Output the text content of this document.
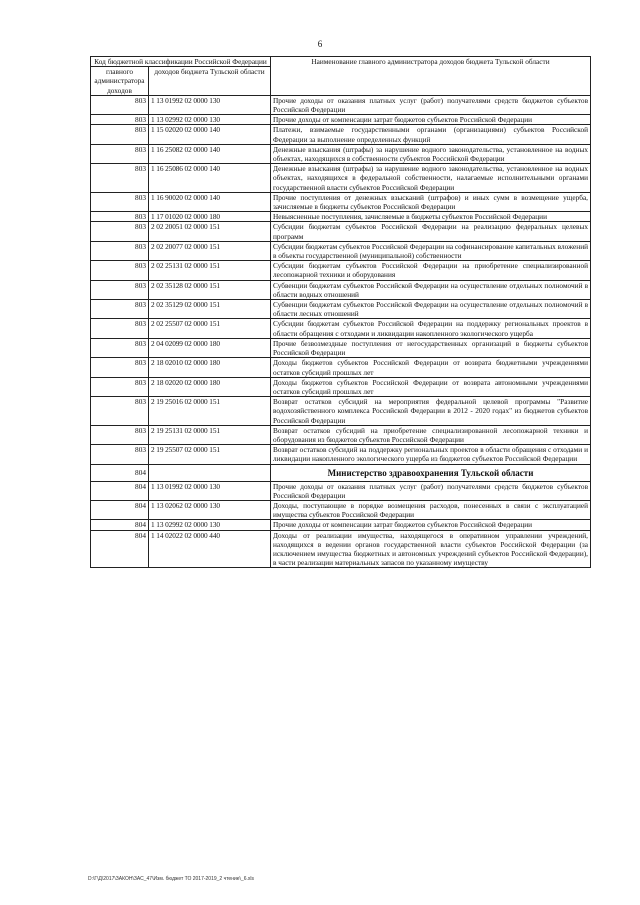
6
Код бюджетной классификации Российской Федерации		Наименование главного администратора доходов бюджета Тульской области
главного администратора доходов	доходов бюджета Тульской области	
803	1 13 01992 02 0000 130	Прочие доходы от оказания платных услуг (работ) получателями средств бюджетов субъектов Российской Федерации
803	1 13 02992 02 0000 130	Прочие доходы от компенсации затрат бюджетов субъектов Российской Федерации
803	1 15 02020 02 0000 140	Платежи, взимаемые государственными органами (организациями) субъектов Российской Федерации за выполнение определенных функций
803	1 16 25082 02 0000 140	Денежные взыскания (штрафы) за нарушение водного законодательства, установленное на водных объектах, находящихся в собственности субъектов Российской Федерации
803	1 16 25086 02 0000 140	Денежные взыскания (штрафы) за нарушение водного законодательства, установленное на водных объектах, находящихся в федеральной собственности, налагаемые исполнительными органами государственной власти субъектов Российской Федерации
803	1 16 90020 02 0000 140	Прочие поступления от денежных взысканий (штрафов) и иных сумм в возмещение ущерба, зачисляемые в бюджеты субъектов Российской Федерации
803	1 17 01020 02 0000 180	Невыясненные поступления, зачисляемые в бюджеты субъектов Российской Федерации
803	2 02 20051 02 0000 151	Субсидии бюджетам субъектов Российской Федерации на реализацию федеральных целевых программ
803	2 02 20077 02 0000 151	Субсидии бюджетам субъектов Российской Федерации на софинансирование капитальных вложений в объекты государственной (муниципальной) собственности
803	2 02 25131 02 0000 151	Субсидии бюджетам субъектов Российской Федерации на приобретение специализированной лесопожарной техники и оборудования
803	2 02 35128 02 0000 151	Субвенции бюджетам субъектов Российской Федерации на осуществление отдельных полномочий в области водных отношений
803	2 02 35129 02 0000 151	Субвенции бюджетам субъектов Российской Федерации на осуществление отдельных полномочий в области лесных отношений
803	2 02 25507 02 0000 151	Субсидии бюджетам субъектов Российской Федерации на поддержку региональных проектов в области обращения с отходами и ликвидации накопленного экологического ущерба
803	2 04 02099 02 0000 180	Прочие безвозмездные поступления от негосударственных организаций в бюджеты субъектов Российской Федерации
803	2 18 02010 02 0000 180	Доходы бюджетов субъектов Российской Федерации от возврата бюджетными учреждениями остатков субсидий прошлых лет
803	2 18 02020 02 0000 180	Доходы бюджетов субъектов Российской Федерации от возврата автономными учреждениями остатков субсидий прошлых лет
803	2 19 25016 02 0000 151	Возврат остатков субсидий на мероприятия федеральной целевой программы "Развитие водохозяйственного комплекса Российской Федерации в 2012 - 2020 годах" из бюджетов субъектов Российской Федерации
803	2 19 25131 02 0000 151	Возврат остатков субсидий на приобретение специализированной лесопожарной техники и оборудования из бюджетов субъектов Российской Федерации
803	2 19 25507 02 0000 151	Возврат остатков субсидий на поддержку региональных проектов в области обращения с отходами и ликвидации накопленного экологического ущерба из бюджетов субъектов Российской Федерации
804		Министерство здравоохранения Тульской области
804	1 13 01992 02 0000 130	Прочие доходы от оказания платных услуг (работ) получателями средств бюджетов субъектов Российской Федерации
804	1 13 02062 02 0000 130	Доходы, поступающие в порядке возмещения расходов, понесенных в связи с эксплуатацией имущества субъектов Российской Федерации
804	1 13 02992 02 0000 130	Прочие доходы от компенсации затрат бюджетов субъектов Российской Федерации
804	1 14 02022 02 0000 440	Доходы от реализации имущества, находящегося в оперативном управлении учреждений, находящихся в ведении органов государственной власти субъектов Российской Федерации (за исключением имущества бюджетных и автономных учреждений субъектов Российской Федерации), в части реализации материальных запасов по указанному имуществу
D:\Г\Д\2017\ЗАКОН\ЗАС_47\Изм. бюджет ТО 2017-2019_2 чтение\_6.xls
